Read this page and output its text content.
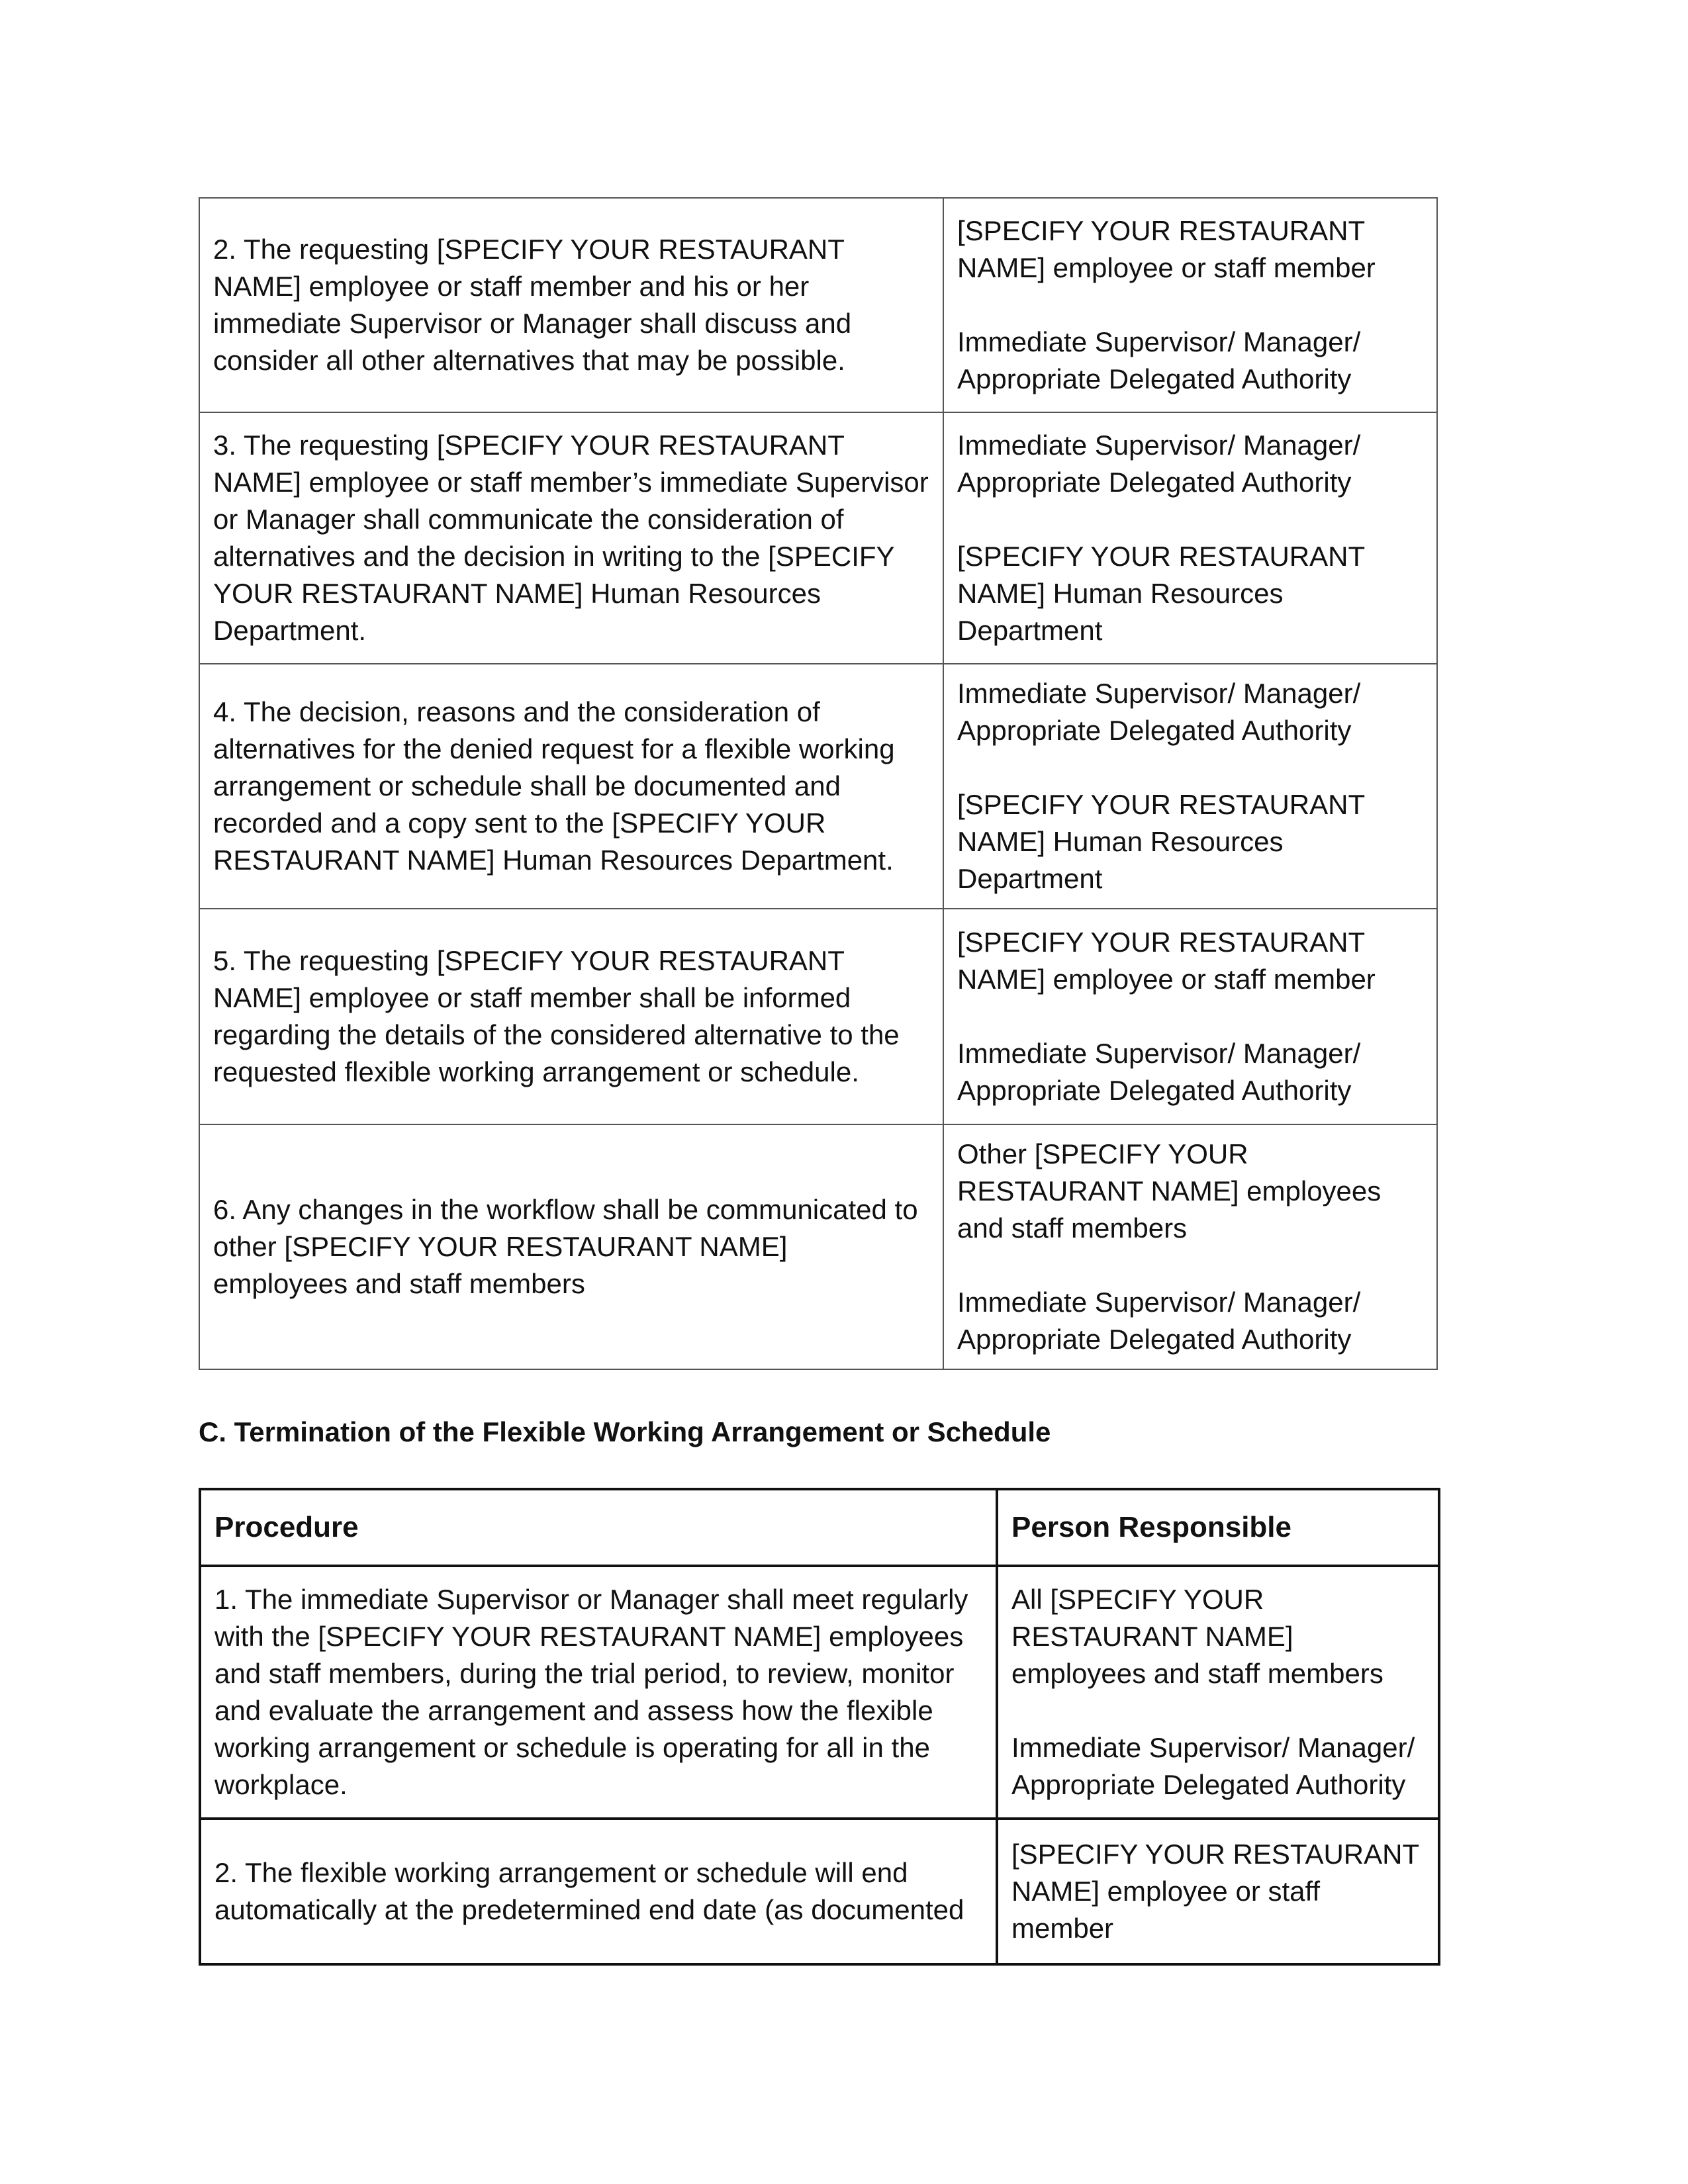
2. The requesting [SPECIFY YOUR RESTAURANT NAME] employee or staff member and his or her immediate Supervisor or Manager shall discuss and consider all other alternatives that may be possible.	[SPECIFY YOUR RESTAURANT NAME] employee or staff member
Immediate Supervisor/ Manager/ Appropriate Delegated Authority

3. The requesting [SPECIFY YOUR RESTAURANT NAME] employee or staff member’s immediate Supervisor or Manager shall communicate the consideration of alternatives and the decision in writing to the [SPECIFY YOUR RESTAURANT NAME] Human Resources Department.	Immediate Supervisor/ Manager/ Appropriate Delegated Authority
[SPECIFY YOUR RESTAURANT NAME] Human Resources Department

4. The decision, reasons and the consideration of alternatives for the denied request for a flexible working arrangement or schedule shall be documented and recorded and a copy sent to the [SPECIFY YOUR RESTAURANT NAME] Human Resources Department.	Immediate Supervisor/ Manager/ Appropriate Delegated Authority
[SPECIFY YOUR RESTAURANT NAME] Human Resources Department

5. The requesting [SPECIFY YOUR RESTAURANT NAME] employee or staff member shall be informed regarding the details of the considered alternative to the requested flexible working arrangement or schedule.	[SPECIFY YOUR RESTAURANT NAME] employee or staff member
Immediate Supervisor/ Manager/ Appropriate Delegated Authority

6. Any changes in the workflow shall be communicated to other [SPECIFY YOUR RESTAURANT NAME] employees and staff members	Other [SPECIFY YOUR RESTAURANT NAME] employees and staff members
Immediate Supervisor/ Manager/ Appropriate Delegated Authority
C. Termination of the Flexible Working Arrangement or Schedule
Procedure	Person Responsible
1. The immediate Supervisor or Manager shall meet regularly with the [SPECIFY YOUR RESTAURANT NAME] employees and staff members, during the trial period, to review, monitor and evaluate the arrangement and assess how the flexible working arrangement or schedule is operating for all in the workplace.	All [SPECIFY YOUR RESTAURANT NAME] employees and staff members
Immediate Supervisor/ Manager/ Appropriate Delegated Authority

2. The flexible working arrangement or schedule will end automatically at the predetermined end date (as documented	[SPECIFY YOUR RESTAURANT NAME] employee or staff member
